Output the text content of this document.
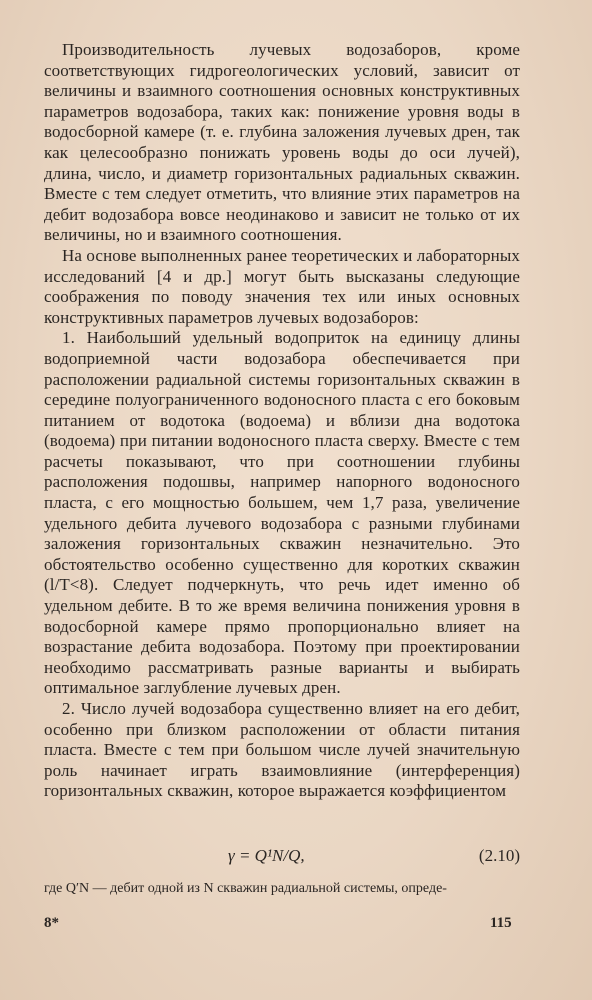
Производительность лучевых водозаборов, кроме соответствующих гидрогеологических условий, зависит от величины и взаимного соотношения основных конструктивных параметров водозабора, таких как: понижение уровня воды в водосборной камере (т. е. глубина заложения лучевых дрен, так как целесообразно понижать уровень воды до оси лучей), длина, число, и диаметр горизонтальных радиальных скважин. Вместе с тем следует отметить, что влияние этих параметров на дебит водозабора вовсе неодинаково и зависит не только от их величины, но и взаимного соотношения.

На основе выполненных ранее теоретических и лабораторных исследований [4 и др.] могут быть высказаны следующие соображения по поводу значения тех или иных основных конструктивных параметров лучевых водозаборов:

1. Наибольший удельный водоприток на единицу длины водоприемной части водозабора обеспечивается при расположении радиальной системы горизонтальных скважин в середине полуограниченного водоносного пласта с его боковым питанием от водотока (водоема) и вблизи дна водотока (водоема) при питании водоносного пласта сверху. Вместе с тем расчеты показывают, что при соотношении глубины расположения подошвы, например напорного водоносного пласта, с его мощностью большем, чем 1,7 раза, увеличение удельного дебита лучевого водозабора с разными глубинами заложения горизонтальных скважин незначительно. Это обстоятельство особенно существенно для коротких скважин (l/T<8). Следует подчеркнуть, что речь идет именно об удельном дебите. В то же время величина понижения уровня в водосборной камере прямо пропорционально влияет на возрастание дебита водозабора. Поэтому при проектировании необходимо рассматривать разные варианты и выбирать оптимальное заглубление лучевых дрен.

2. Число лучей водозабора существенно влияет на его дебит, особенно при близком расположении от области питания пласта. Вместе с тем при большом числе лучей значительную роль начинает играть взаимовлияние (интерференция) горизонтальных скважин, которое выражается коэффициентом

γ = Q¹N/Q,	(2.10)
где Q′N — дебит одной из N скважин радиальной системы, опреде-
8*	115
